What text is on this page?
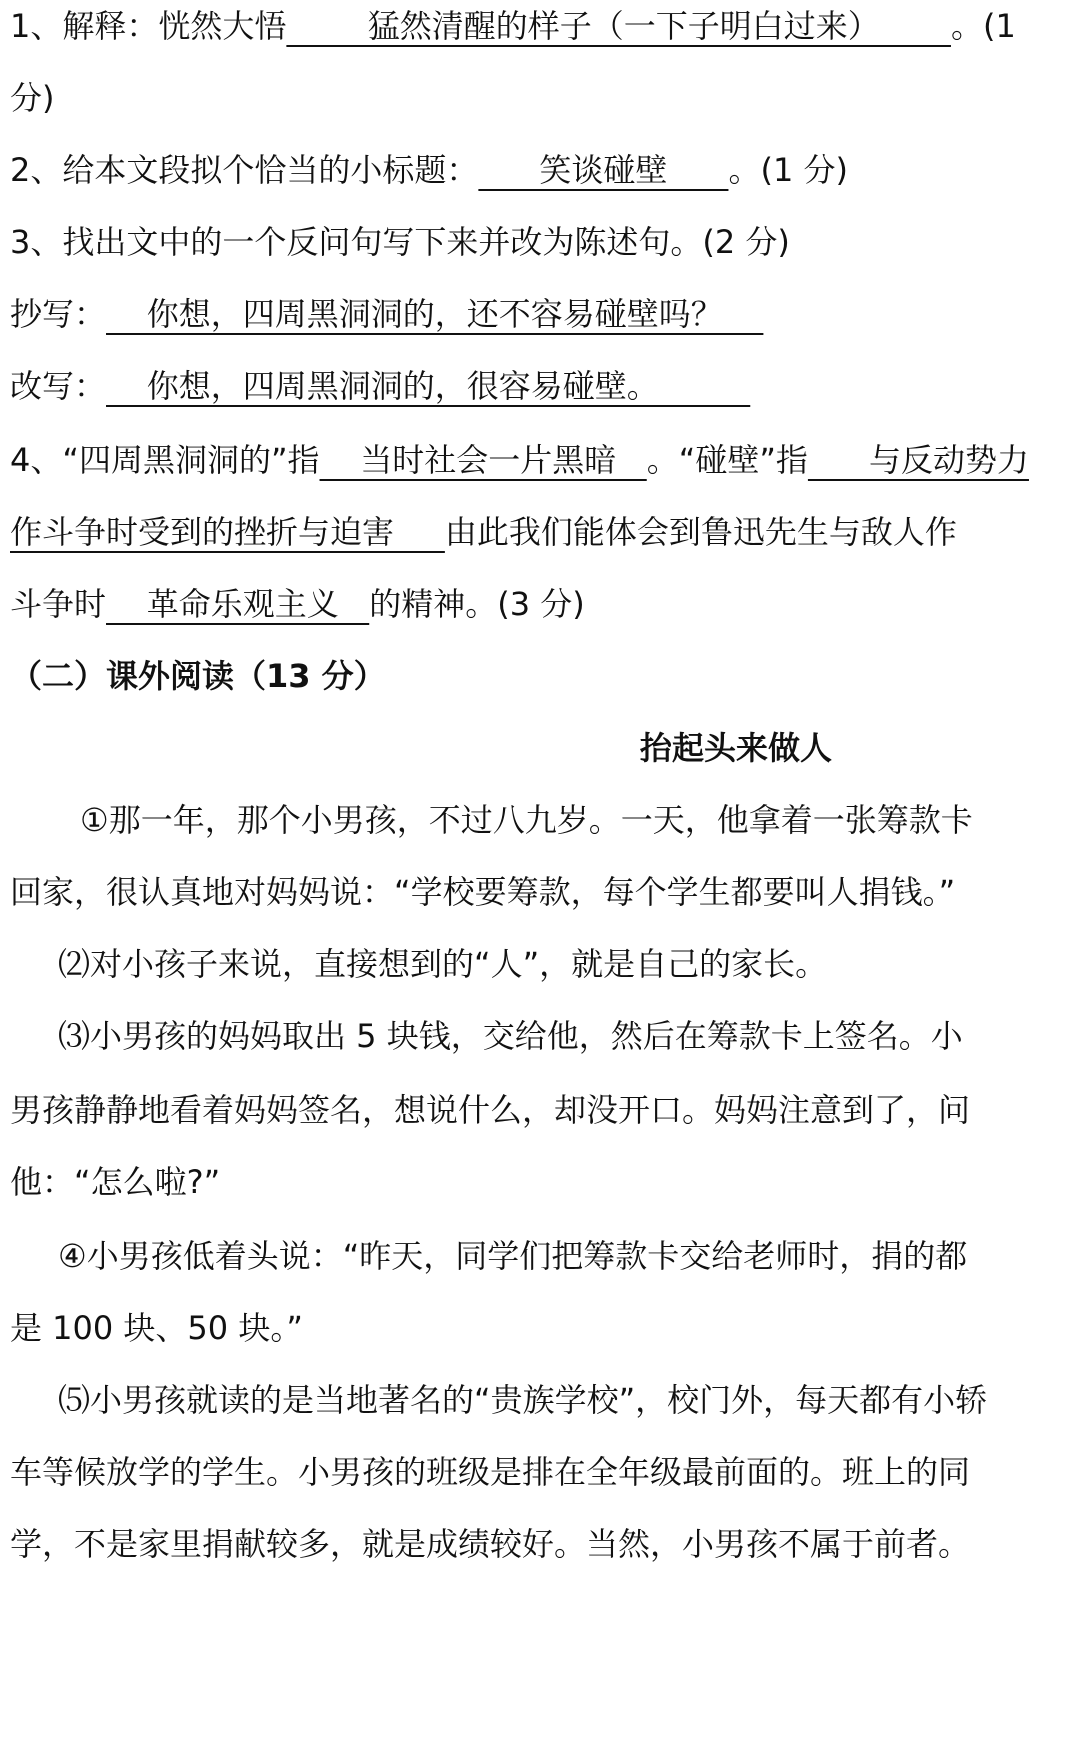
1、解释：恍然大悟        猛然清醒的样子（一下子明白过来）       。(1
分)
2、给本文段拟个恰当的小标题：      笑谈碰壁      。(1 分)
3、找出文中的一个反问句写下来并改为陈述句。(2 分)
抄写：    你想，四周黑洞洞的，还不容易碰壁吗？
改写：    你想，四周黑洞洞的，很容易碰壁。
4、“四周黑洞洞的”指    当时社会一片黑暗   。“碰壁”指      与反动势力
作斗争时受到的挫折与迫害     由此我们能体会到鲁迅先生与敌人作
斗争时    革命乐观主义   的精神。(3 分)
（二）课外阅读（13 分）
抬起头来做人
①那一年，那个小男孩，不过八九岁。一天，他拿着一张筹款卡
回家，很认真地对妈妈说：“学校要筹款，每个学生都要叫人捐钱。”
⑵对小孩子来说，直接想到的“人”，就是自己的家长。
⑶小男孩的妈妈取出 5 块钱，交给他，然后在筹款卡上签名。小
男孩静静地看着妈妈签名，想说什么，却没开口。妈妈注意到了，问
他：“怎么啦?”
④小男孩低着头说：“昨天，同学们把筹款卡交给老师时，捐的都
是 100 块、50 块。”
⑸小男孩就读的是当地著名的“贵族学校”，校门外，每天都有小轿
车等候放学的学生。小男孩的班级是排在全年级最前面的。班上的同
学，不是家里捐献较多，就是成绩较好。当然，小男孩不属于前者。
